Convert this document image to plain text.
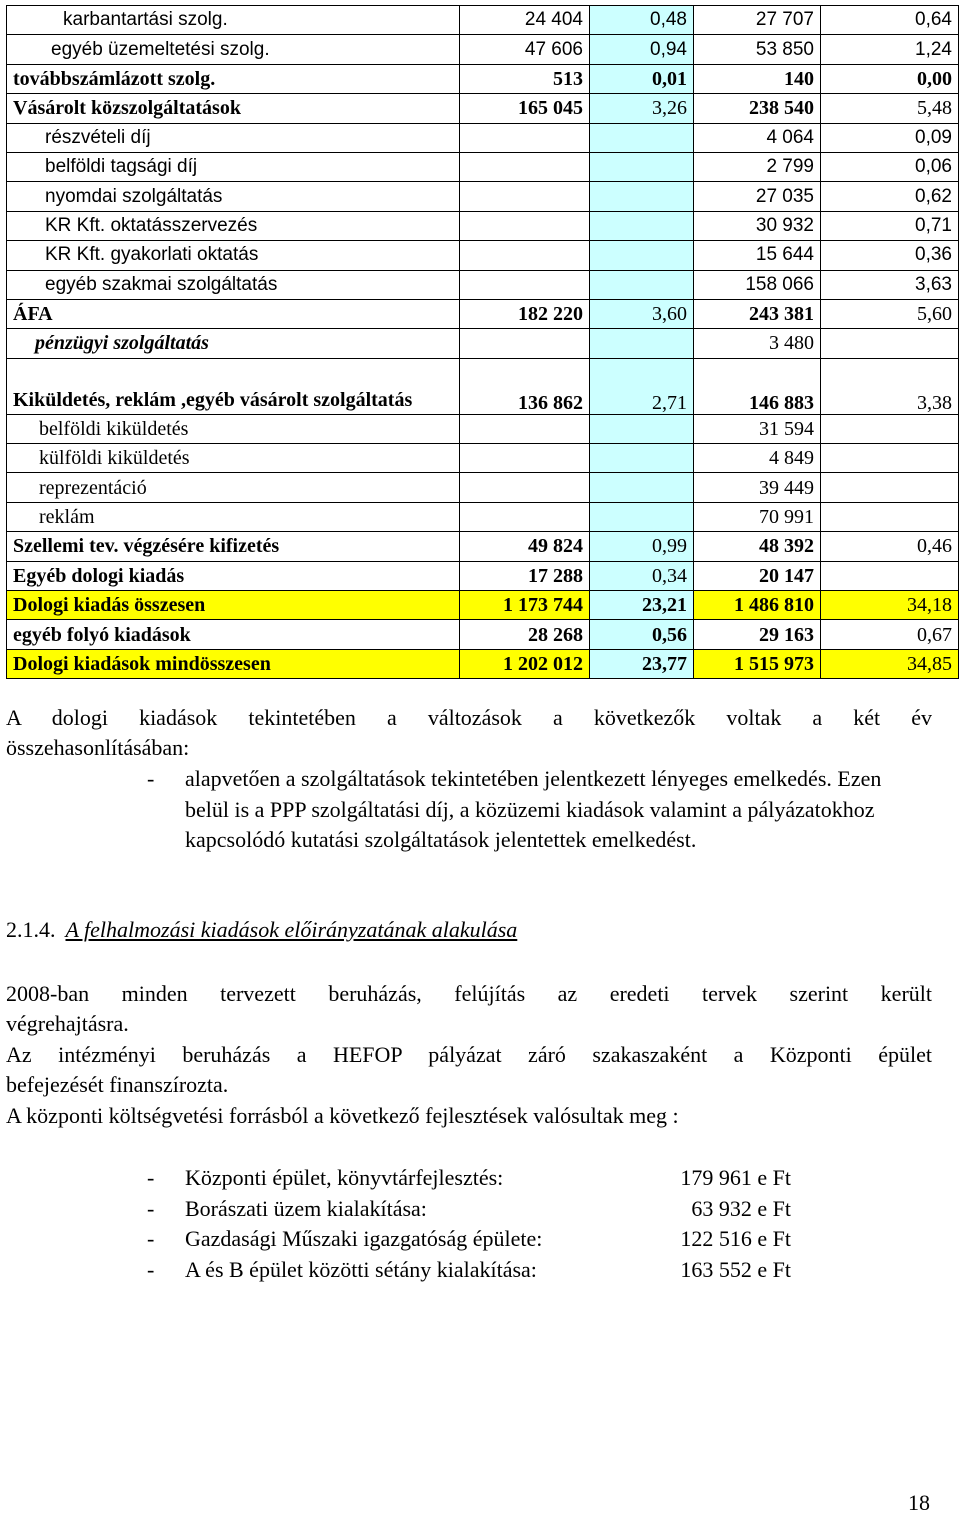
karbantartási szolg.	24 404	0,48	27 707	0,64
egyéb üzemeltetési szolg.	47 606	0,94	53 850	1,24
továbbszámlázott szolg.	513	0,01	140	0,00
Vásárolt közszolgáltatások	165 045	3,26	238 540	5,48
részvételi díj			4 064	0,09
belföldi tagsági díj			2 799	0,06
nyomdai szolgáltatás			27 035	0,62
KR Kft. oktatásszervezés			30 932	0,71
KR Kft. gyakorlati oktatás			15 644	0,36
egyéb szakmai szolgáltatás			158 066	3,63
ÁFA	182 220	3,60	243 381	5,60
pénzügyi szolgáltatás			3 480	
Kiküldetés, reklám ,egyéb vásárolt szolgáltatás	136 862	2,71	146 883	3,38
belföldi kiküldetés			31 594	
külföldi kiküldetés			4 849	
reprezentáció			39 449	
reklám			70 991	
Szellemi tev. végzésére kifizetés	49 824	0,99	48 392	0,46
Egyéb dologi kiadás	17 288	0,34	20 147	
Dologi kiadás összesen	1 173 744	23,21	1 486 810	34,18
egyéb folyó kiadások	28 268	0,56	29 163	0,67
Dologi kiadások mindösszesen	1 202 012	23,77	1 515 973	34,85
A dologi kiadások tekintetében a változások a következők voltak a két év
összehasonlításában:
- alapvetően a szolgáltatások tekintetében jelentkezett lényeges emelkedés. Ezen belül is a PPP szolgáltatási díj, a közüzemi kiadások valamint a pályázatokhoz kapcsolódó kutatási szolgáltatások jelentettek emelkedést.
2.1.4. A felhalmozási kiadások előirányzatának alakulása
2008-ban minden tervezett beruházás, felújítás az eredeti tervek szerint került
végrehajtásra.
Az intézményi beruházás a HEFOP pályázat záró szakaszaként a Központi épület
befejezését finanszírozta.
A központi költségvetési forrásból a következő fejlesztések valósultak meg :
- Központi épület, könyvtárfejlesztés:	179 961 e Ft
- Borászati üzem kialakítása:	63 932 e Ft
- Gazdasági Műszaki igazgatóság épülete:	122 516 e Ft
- A és B épület közötti sétány kialakítása:	163 552 e Ft
18
